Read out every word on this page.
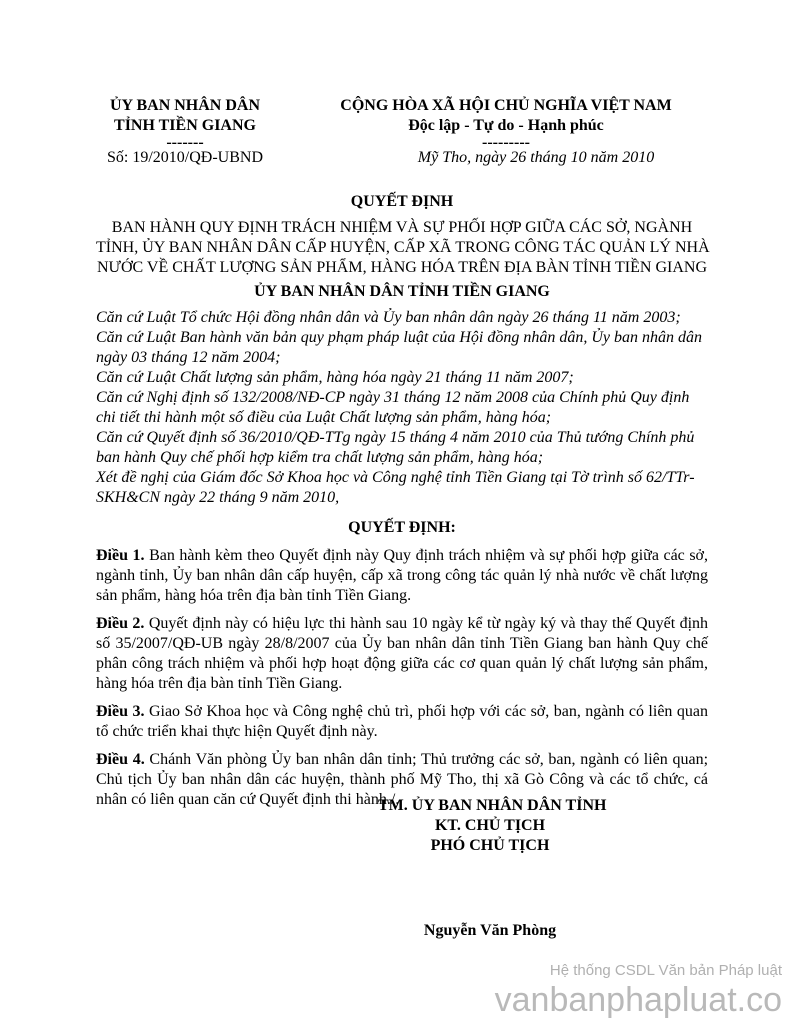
ỦY BAN NHÂN DÂN
TỈNH TIỀN GIANG
-------
CỘNG HÒA XÃ HỘI CHỦ NGHĨA VIỆT NAM
Độc lập - Tự do - Hạnh phúc
---------
Số: 19/2010/QĐ-UBND	Mỹ Tho, ngày 26 tháng 10 năm 2010
QUYẾT ĐỊNH
BAN HÀNH QUY ĐỊNH TRÁCH NHIỆM VÀ SỰ PHỐI HỢP GIỮA CÁC SỞ, NGÀNH
TỈNH, ỦY BAN NHÂN DÂN CẤP HUYỆN, CẤP XÃ TRONG CÔNG TÁC QUẢN LÝ NHÀ
NƯỚC VỀ CHẤT LƯỢNG SẢN PHẨM, HÀNG HÓA TRÊN ĐỊA BÀN TỈNH TIỀN GIANG
ỦY BAN NHÂN DÂN TỈNH TIỀN GIANG
Căn cứ Luật Tổ chức Hội đồng nhân dân và Ủy ban nhân dân ngày 26 tháng 11 năm 2003;
Căn cứ Luật Ban hành văn bản quy phạm pháp luật của Hội đồng nhân dân, Ủy ban nhân dân ngày 03 tháng 12 năm 2004;
Căn cứ Luật Chất lượng sản phẩm, hàng hóa ngày 21 tháng 11 năm 2007;
Căn cứ Nghị định số 132/2008/NĐ-CP ngày 31 tháng 12 năm 2008 của Chính phủ Quy định chi tiết thi hành một số điều của Luật Chất lượng sản phẩm, hàng hóa;
Căn cứ Quyết định số 36/2010/QĐ-TTg ngày 15 tháng 4 năm 2010 của Thủ tướng Chính phủ ban hành Quy chế phối hợp kiểm tra chất lượng sản phẩm, hàng hóa;
Xét đề nghị của Giám đốc Sở Khoa học và Công nghệ tỉnh Tiền Giang tại Tờ trình số 62/TTr-SKH&CN ngày 22 tháng 9 năm 2010,
QUYẾT ĐỊNH:
Điều 1. Ban hành kèm theo Quyết định này Quy định trách nhiệm và sự phối hợp giữa các sở, ngành tỉnh, Ủy ban nhân dân cấp huyện, cấp xã trong công tác quản lý nhà nước về chất lượng sản phẩm, hàng hóa trên địa bàn tỉnh Tiền Giang.
Điều 2. Quyết định này có hiệu lực thi hành sau 10 ngày kể từ ngày ký và thay thế Quyết định số 35/2007/QĐ-UB ngày 28/8/2007 của Ủy ban nhân dân tỉnh Tiền Giang ban hành Quy chế phân công trách nhiệm và phối hợp hoạt động giữa các cơ quan quản lý chất lượng sản phẩm, hàng hóa trên địa bàn tỉnh Tiền Giang.
Điều 3. Giao Sở Khoa học và Công nghệ chủ trì, phối hợp với các sở, ban, ngành có liên quan tổ chức triển khai thực hiện Quyết định này.
Điều 4. Chánh Văn phòng Ủy ban nhân dân tỉnh; Thủ trưởng các sở, ban, ngành có liên quan; Chủ tịch Ủy ban nhân dân các huyện, thành phố Mỹ Tho, thị xã Gò Công và các tổ chức, cá nhân có liên quan căn cứ Quyết định thi hành./.
TM. ỦY BAN NHÂN DÂN TỈNH
KT. CHỦ TỊCH
PHÓ CHỦ TỊCH
Nguyễn Văn Phòng
Hệ thống CSDL Văn bản Pháp luật
vanbanphapluat.co
